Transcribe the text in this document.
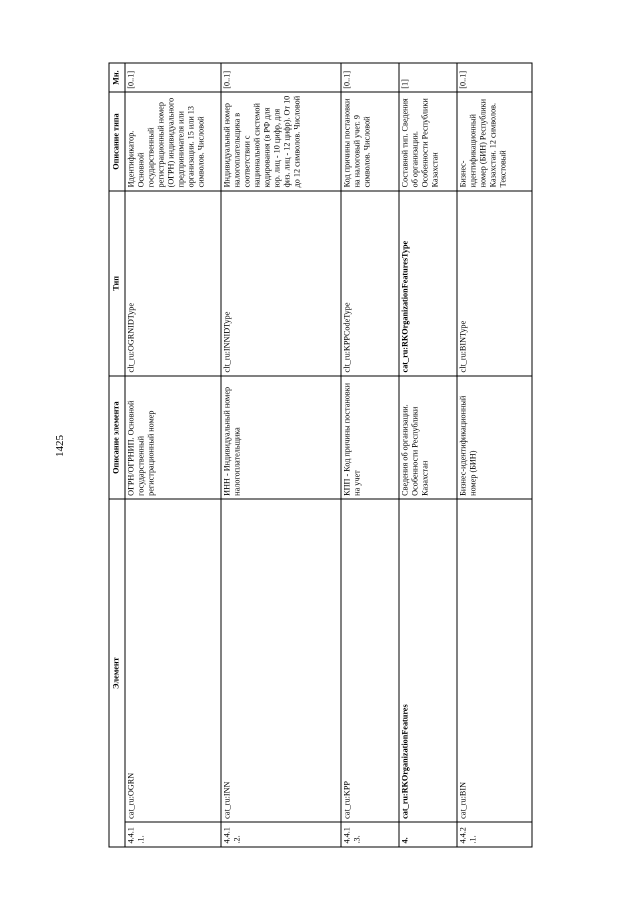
1425
Элемент		Описание элемента	Тип	Описание типа	Мн.
4.4.1.1.	cat_ru:OGRN	ОГРН/ОГРНИП. Основной государственный регистрационный номер	clt_ru:OGRNIDType	Идентификатор. Основной государственный регистрационный номер (ОГРН) индивидуального предпринимателя или организации. 15 или 13 символов. Числовой	[0..1]
4.4.1.2.	cat_ru:INN	ИНН - Индивидуальный номер налогоплательщика	clt_ru:INNIDType	Индивидуальный номер налогоплательщика в соответствии с национальной системой кодирования (в РФ для юр. лиц - 10 цифр, для физ. лиц - 12 цифр). От 10 до 12 символов. Числовой	[0..1]
4.4.1.3.	cat_ru:KPP	КПП - Код причины постановки на учет	clt_ru:KPPCodeType	Код причины постановки на налоговый учет. 9 символов. Числовой	[0..1]
4.	cat_ru:RKOrganizationFeatures	Сведения об организации. Особенности Республики Казахстан	cat_ru:RKOrganizationFeaturesType	Составной тип. Сведения об организации. Особенности Республики Казахстан	[1]
4.4.2.1.	cat_ru:BIN	Бизнес-идентификационный номер (БИН)	clt_ru:BINType	Бизнес-идентификационный номер (БИН) Республики Казахстан. 12 символов. Текстовый	[0..1]
